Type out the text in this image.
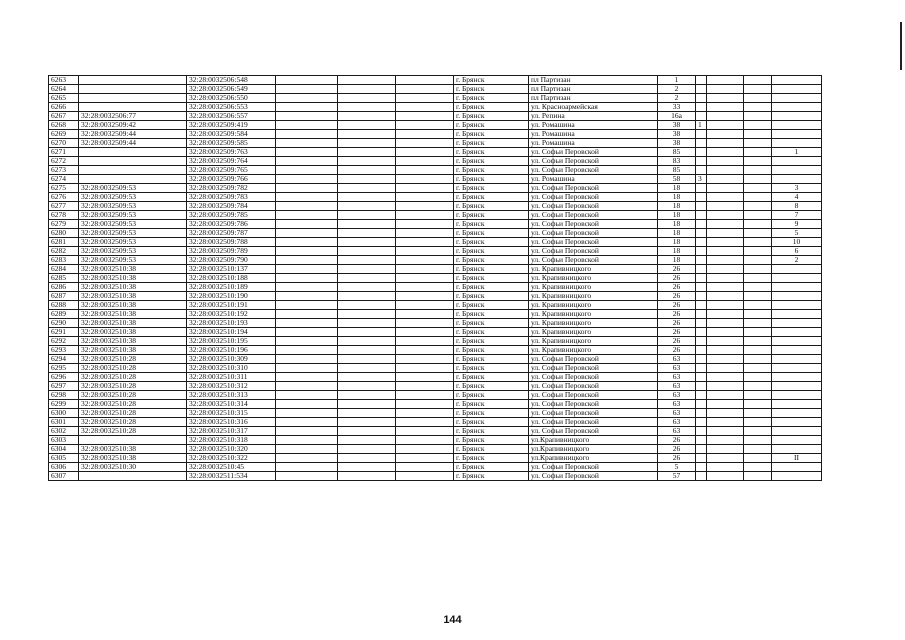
6263		32:28:0032506:548				г. Брянск	пл Партизан	1				
6264		32:28:0032506:549				г. Брянск	пл Партизан	2				
6265		32:28:0032506:550				г. Брянск	пл Партизан	2				
6266		32:28:0032506:553				г. Брянск	ул. Красноармейская	33				
6267	32:28:0032506:77	32:28:0032506:557				г. Брянск	ул. Репина	16а				
6268	32:28:0032509:42	32:28:0032509:419				г. Брянск	ул. Ромашина	38	1			
6269	32:28:0032509:44	32:28:0032509:584				г. Брянск	ул. Ромашина	38				
6270	32:28:0032509:44	32:28:0032509:585				г. Брянск	ул. Ромашина	38				
6271		32:28:0032509:763				г. Брянск	ул. Софьи Перовской	85				1
6272		32:28:0032509:764				г. Брянск	ул. Софьи Перовской	83				
6273		32:28:0032509:765				г. Брянск	ул. Софьи Перовской	85				
6274		32:28:0032509:766				г. Брянск	ул. Ромашина	58	3			
6275	32:28:0032509:53	32:28:0032509:782				г. Брянск	ул. Софьи Перовской	18				3
6276	32:28:0032509:53	32:28:0032509:783				г. Брянск	ул. Софьи Перовской	18				4
6277	32:28:0032509:53	32:28:0032509:784				г. Брянск	ул. Софьи Перовской	18				8
6278	32:28:0032509:53	32:28:0032509:785				г. Брянск	ул. Софьи Перовской	18				7
6279	32:28:0032509:53	32:28:0032509:786				г. Брянск	ул. Софьи Перовской	18				9
6280	32:28:0032509:53	32:28:0032509:787				г. Брянск	ул. Софьи Перовской	18				5
6281	32:28:0032509:53	32:28:0032509:788				г. Брянск	ул. Софьи Перовской	18				10
6282	32:28:0032509:53	32:28:0032509:789				г. Брянск	ул. Софьи Перовской	18				6
6283	32:28:0032509:53	32:28:0032509:790				г. Брянск	ул. Софьи Перовской	18				2
6284	32:28:0032510:38	32:28:0032510:137				г. Брянск	ул. Крапивницкого	26				
6285	32:28:0032510:38	32:28:0032510:188				г. Брянск	ул. Крапивницкого	26				
6286	32:28:0032510:38	32:28:0032510:189				г. Брянск	ул. Крапивницкого	26				
6287	32:28:0032510:38	32:28:0032510:190				г. Брянск	ул. Крапивницкого	26				
6288	32:28:0032510:38	32:28:0032510:191				г. Брянск	ул. Крапивницкого	26				
6289	32:28:0032510:38	32:28:0032510:192				г. Брянск	ул. Крапивницкого	26				
6290	32:28:0032510:38	32:28:0032510:193				г. Брянск	ул. Крапивницкого	26				
6291	32:28:0032510:38	32:28:0032510:194				г. Брянск	ул. Крапивницкого	26				
6292	32:28:0032510:38	32:28:0032510:195				г. Брянск	ул. Крапивницкого	26				
6293	32:28:0032510:38	32:28:0032510:196				г. Брянск	ул. Крапивницкого	26				
6294	32:28:0032510:28	32:28:0032510:309				г. Брянск	ул. Софьи Перовской	63				
6295	32:28:0032510:28	32:28:0032510:310				г. Брянск	ул. Софьи Перовской	63				
6296	32:28:0032510:28	32:28:0032510:311				г. Брянск	ул. Софьи Перовской	63				
6297	32:28:0032510:28	32:28:0032510:312				г. Брянск	ул. Софьи Перовской	63				
6298	32:28:0032510:28	32:28:0032510:313				г. Брянск	ул. Софьи Перовской	63				
6299	32:28:0032510:28	32:28:0032510:314				г. Брянск	ул. Софьи Перовской	63				
6300	32:28:0032510:28	32:28:0032510:315				г. Брянск	ул. Софьи Перовской	63				
6301	32:28:0032510:28	32:28:0032510:316				г. Брянск	ул. Софьи Перовской	63				
6302	32:28:0032510:28	32:28:0032510:317				г. Брянск	ул. Софьи Перовской	63				
6303		32:28:0032510:318				г. Брянск	ул.Крапивницкого	26				
6304	32:28:0032510:38	32:28:0032510:320				г. Брянск	ул.Крапивницкого	26				
6305	32:28:0032510:38	32:28:0032510:322				г. Брянск	ул.Крапивницкого	26				II
6306	32:28:0032510:30	32:28:0032510:45				г. Брянск	ул. Софьи Перовской	5				
6307		32:28:0032511:534				г. Брянск	ул. Софьи Перовской	57				
144
